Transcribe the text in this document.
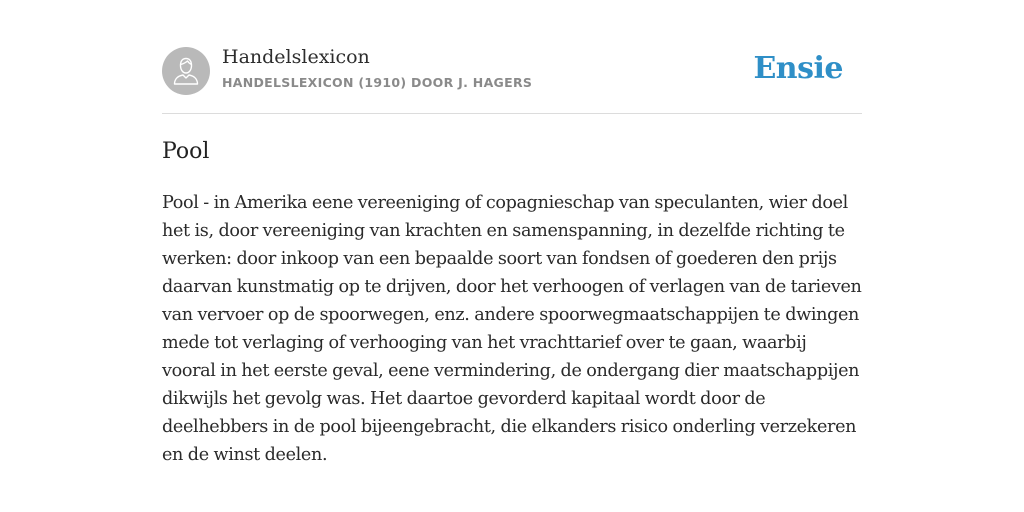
Handelslexicon
HANDELSLEXICON (1910) DOOR J. HAGERS	Ensie
Pool

Pool - in Amerika eene vereeniging of copagnieschap van speculanten, wier doel het is, door vereeniging van krachten en samenspanning, in dezelfde richting te werken: door inkoop van een bepaalde soort van fondsen of goederen den prijs daarvan kunstmatig op te drijven, door het verhoogen of verlagen van de tarieven van vervoer op de spoorwegen, enz. andere spoorwegmaatschappijen te dwingen mede tot verlaging of verhooging van het vrachttarief over te gaan, waarbij vooral in het eerste geval, eene vermindering, de ondergang dier maatschappijen dikwijls het gevolg was. Het daartoe gevorderd kapitaal wordt door de deelhebbers in de pool bijeengebracht, die elkanders risico onderling verzekeren en de winst deelen.
